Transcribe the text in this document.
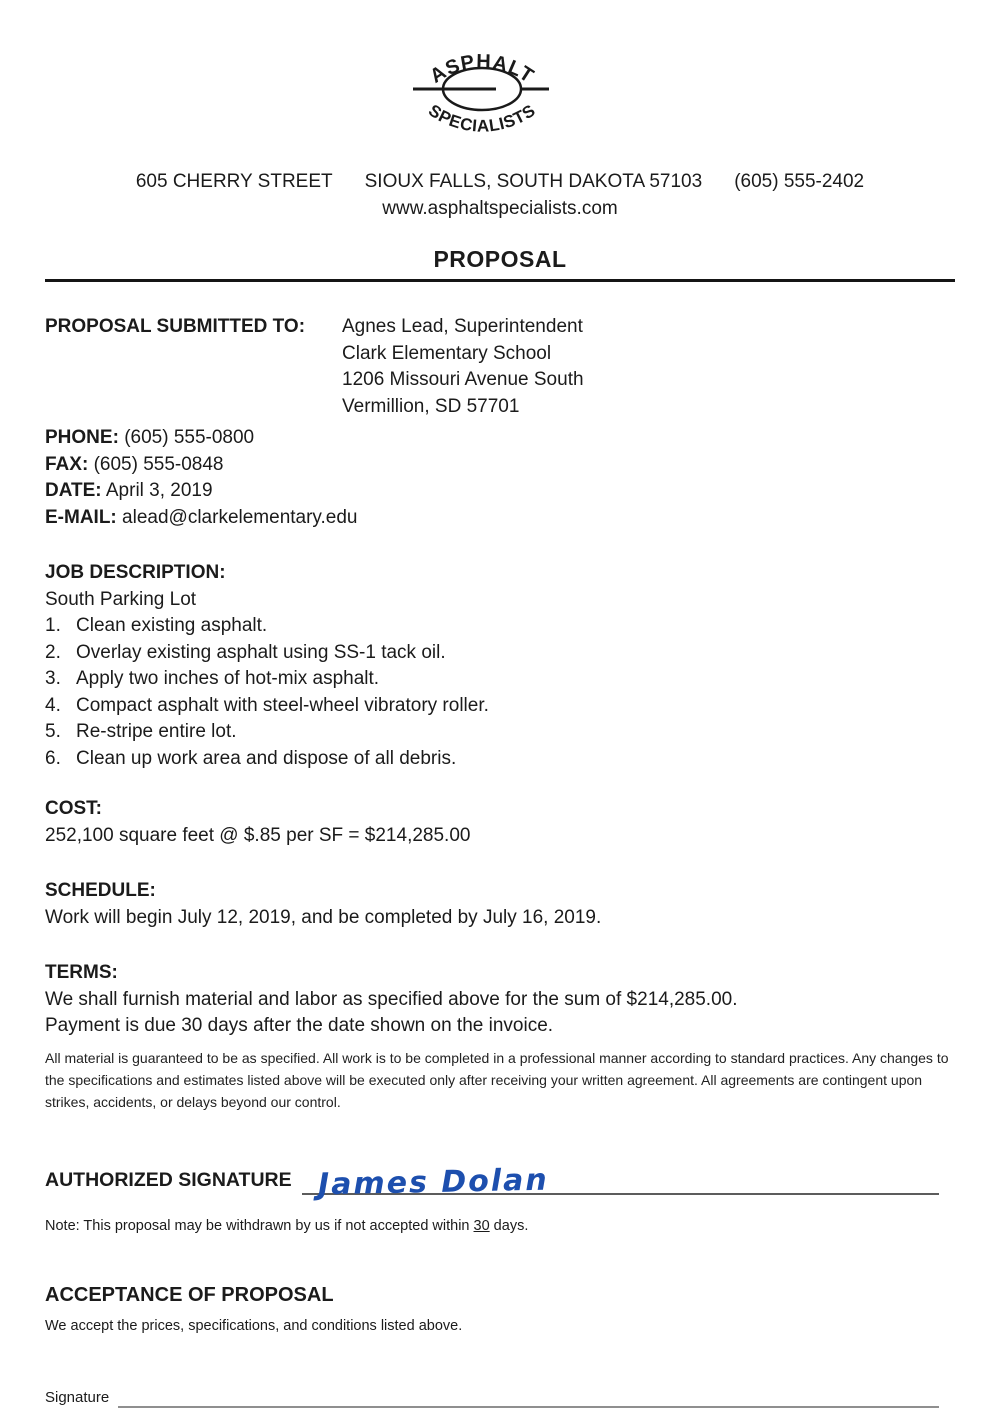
ASPHALT
SPECIALISTS
605 CHERRY STREET SIOUX FALLS, SOUTH DAKOTA 57103 (605) 555-2402
www.asphaltspecialists.com
PROPOSAL
PROPOSAL SUBMITTED TO:	Agnes Lead, Superintendent
Clark Elementary School
1206 Missouri Avenue South
Vermillion, SD 57701
PHONE: (605) 555-0800
FAX: (605) 555-0848
DATE: April 3, 2019
E-MAIL: alead@clarkelementary.edu
JOB DESCRIPTION:
South Parking Lot
1. Clean existing asphalt.
2. Overlay existing asphalt using SS-1 tack oil.
3. Apply two inches of hot-mix asphalt.
4. Compact asphalt with steel-wheel vibratory roller.
5. Re-stripe entire lot.
6. Clean up work area and dispose of all debris.
COST:
252,100 square feet @ $.85 per SF = $214,285.00
SCHEDULE:
Work will begin July 12, 2019, and be completed by July 16, 2019.
TERMS:
We shall furnish material and labor as specified above for the sum of $214,285.00.
Payment is due 30 days after the date shown on the invoice.
All material is guaranteed to be as specified. All work is to be completed in a professional manner according to standard practices. Any changes to the specifications and estimates listed above will be executed only after receiving your written agreement. All agreements are contingent upon strikes, accidents, or delays beyond our control.
AUTHORIZED SIGNATURE James Dolan
Note: This proposal may be withdrawn by us if not accepted within 30 days.
ACCEPTANCE OF PROPOSAL
We accept the prices, specifications, and conditions listed above.
Signature
